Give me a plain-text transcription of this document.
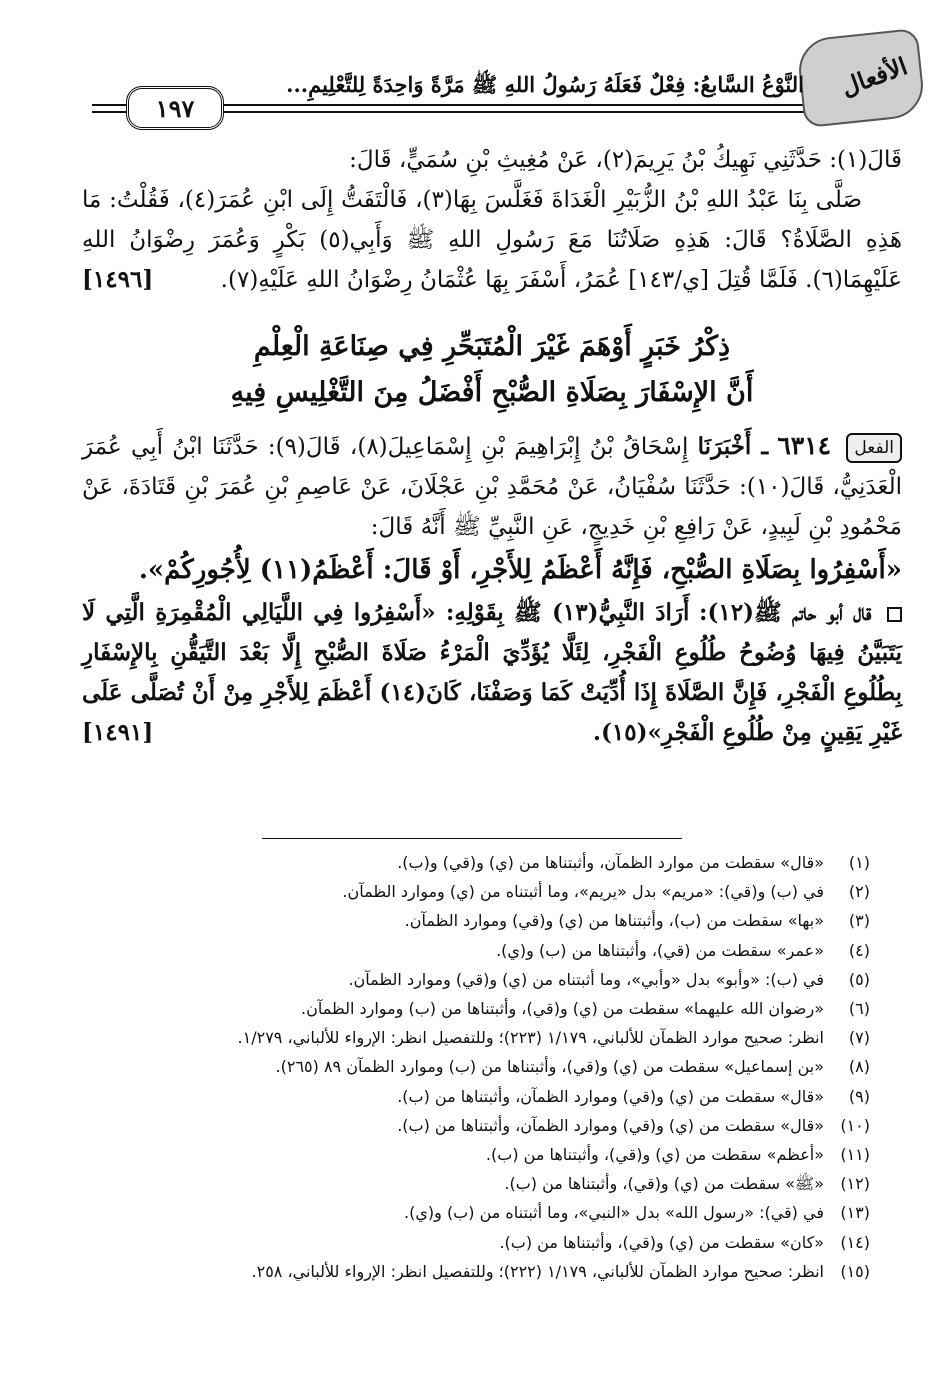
الأفعال
النَّوْعُ السَّابعُ: فِعْلٌ فَعَلَهُ رَسُولُ اللهِ ﷺ مَرَّةً وَاحِدَةً لِلتَّعْلِيمِ...
١٩٧

قَالَ(١): حَدَّثَنِي نَهِيكُ بْنُ يَرِيمَ(٢)، عَنْ مُغِيثِ بْنِ سُمَيٍّ، قَالَ:

صَلَّى بِنَا عَبْدُ اللهِ بْنُ الزُّبَيْرِ الْغَدَاةَ فَغَلَّسَ بِهَا(٣)، فَالْتَفَتُّ إِلَى ابْنِ عُمَرَ(٤)، فَقُلْتُ: مَا هَذِهِ الصَّلَاةُ؟ قَالَ: هَذِهِ صَلَاتُنَا مَعَ رَسُولِ اللهِ ﷺ وَأَبِي(٥) بَكْرٍ وَعُمَرَ رِضْوَانُ اللهِ عَلَيْهِمَا(٦). فَلَمَّا قُتِلَ [ي/١٤٣] عُمَرُ، أَسْفَرَ بِهَا عُثْمَانُ رِضْوَانُ اللهِ عَلَيْهِ(٧).
[١٤٩٦]

ذِكْرُ خَبَرٍ أَوْهَمَ غَيْرَ الْمُتَبَحِّرِ فِي صِنَاعَةِ الْعِلْمِ
أَنَّ الإِسْفَارَ بِصَلَاةِ الصُّبْحِ أَفْضَلُ مِنَ التَّغْلِيسِ فِيهِ

الفعل ٦٣١٤ ـ أَخْبَرَنَا إِسْحَاقُ بْنُ إِبْرَاهِيمَ بْنِ إِسْمَاعِيلَ(٨)، قَالَ(٩): حَدَّثَنَا ابْنُ أَبِي عُمَرَ الْعَدَنِيُّ، قَالَ(١٠): حَدَّثَنَا سُفْيَانُ، عَنْ مُحَمَّدِ بْنِ عَجْلَانَ، عَنْ عَاصِمِ بْنِ عُمَرَ بْنِ قَتَادَةَ، عَنْ مَحْمُودِ بْنِ لَبِيدٍ، عَنْ رَافِعِ بْنِ خَدِيجٍ، عَنِ النَّبِيِّ ﷺ أَنَّهُ قَالَ:

«أَسْفِرُوا بِصَلَاةِ الصُّبْحِ، فَإِنَّهُ أَعْظَمُ لِلأَجْرِ، أَوْ قَالَ: أَعْظَمُ(١١) لِأُجُورِكُمْ».

قال أبو حاتم ﷺ(١٢): أَرَادَ النَّبِيُّ(١٣) ﷺ بِقَوْلِهِ: «أَسْفِرُوا فِي اللَّيَالِي الْمُقْمِرَةِ الَّتِي لَا يَتَبَيَّنُ فِيهَا وُضُوحُ طُلُوعِ الْفَجْرِ، لِئَلَّا يُؤَدِّيَ الْمَرْءُ صَلَاةَ الصُّبْحِ إِلَّا بَعْدَ التَّيَقُّنِ بِالإِسْفَارِ بِطُلُوعِ الْفَجْرِ، فَإِنَّ الصَّلَاةَ إِذَا أُدِّيَتْ كَمَا وَصَفْنَا، كَانَ(١٤) أَعْظَمَ لِلأَجْرِ مِنْ أَنْ تُصَلَّى عَلَى غَيْرِ يَقِينٍ مِنْ طُلُوعِ الْفَجْرِ»(١٥).
[١٤٩١]

(١)«قال» سقطت من موارد الظمآن، وأثبتناها من (ي) و(قي) و(ب).
(٢)في (ب) و(قي): «مريم» بدل «يريم»، وما أثبتناه من (ي) وموارد الظمآن.
(٣)«بها» سقطت من (ب)، وأثبتناها من (ي) و(قي) وموارد الظمآن.
(٤)«عمر» سقطت من (قي)، وأثبتناها من (ب) و(ي).
(٥)في (ب): «وأبو» بدل «وأبي»، وما أثبتناه من (ي) و(قي) وموارد الظمآن.
(٦)«رضوان الله عليهما» سقطت من (ي) و(قي)، وأثبتناها من (ب) وموارد الظمآن.
(٧)انظر: صحيح موارد الظمآن للألباني، ١/١٧٩ (٢٢٣)؛ وللتفصيل انظر: الإرواء للألباني، ١/٢٧٩.
(٨)«بن إسماعيل» سقطت من (ي) و(قي)، وأثبتناها من (ب) وموارد الظمآن ٨٩ (٢٦٥).
(٩)«قال» سقطت من (ي) و(قي) وموارد الظمآن، وأثبتناها من (ب).
(١٠)«قال» سقطت من (ي) و(قي) وموارد الظمآن، وأثبتناها من (ب).
(١١)«أعظم» سقطت من (ي) و(قي)، وأثبتناها من (ب).
(١٢)«ﷺ» سقطت من (ي) و(قي)، وأثبتناها من (ب).
(١٣)في (قي): «رسول الله» بدل «النبي»، وما أثبتناه من (ب) و(ي).
(١٤)«كان» سقطت من (ي) و(قي)، وأثبتناها من (ب).
(١٥)انظر: صحيح موارد الظمآن للألباني، ١/١٧٩ (٢٢٢)؛ وللتفصيل انظر: الإرواء للألباني، ٢٥٨.
